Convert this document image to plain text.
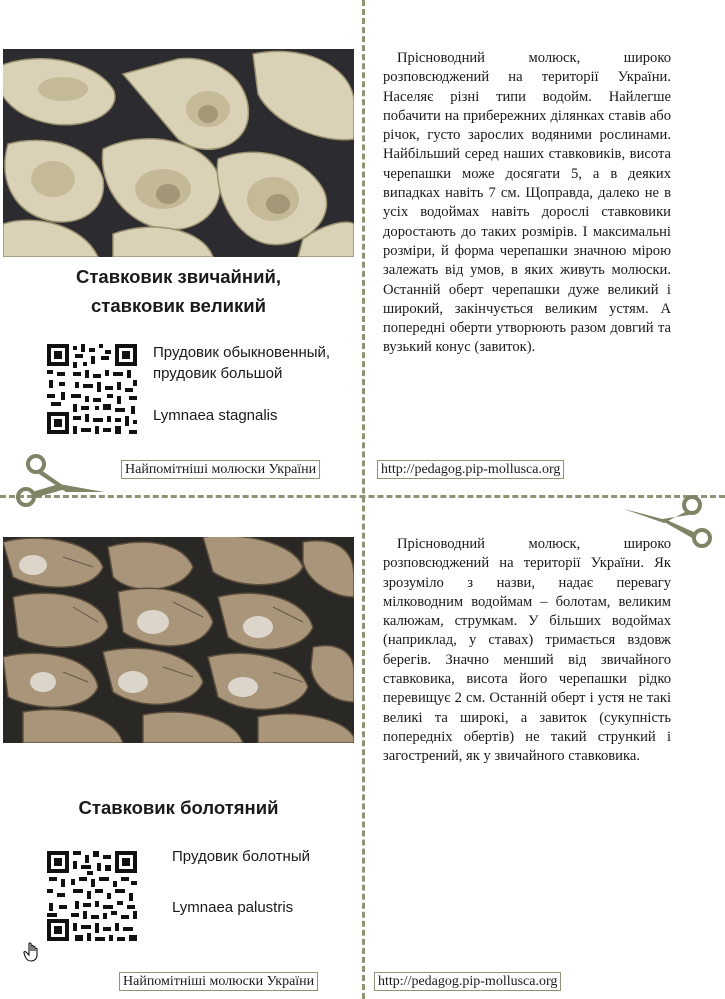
Ставковик звичайний,
ставковик великий
Прудовик обыкновенный,
прудовик большой
Lymnaea stagnalis
Прісноводний молюск, широко розповсюджений на території України. Населяє різні типи водойм. Найлегше побачити на прибережних ділянках ставів або річок, густо зарослих водяними рослинами. Найбільший серед наших ставковиків, висота черепашки може досягати 5, а в деяких випадках навіть 7 см. Щоправда, далеко не в усіх водоймах навіть дорослі ставковики доростають до таких розмірів. І максимальні розміри, й форма черепашки значною мірою залежать від умов, в яких живуть молюски. Останній оберт черепашки дуже великий і широкий, закінчується великим устям. А попередні оберти утворюють разом довгий та вузький конус (завиток).
Найпомітніші молюски України	http://pedagog.pip-mollusca.org
Ставковик болотяний
Прудовик болотный
Lymnaea palustris
Прісноводний молюск, широко розповсюджений на території України. Як зрозуміло з назви, надає перевагу мілководним водоймам – болотам, великим калюжам, струмкам. У більших водоймах (наприклад, у ставах) тримається вздовж берегів. Значно менший від звичайного ставковика, висота його черепашки рідко перевищує 2 см. Останній оберт і устя не такі великі та широкі, а завиток (сукупність попередніх обертів) не такий стрункий і загострений, як у звичайного ставковика.
Найпомітніші молюски України	http://pedagog.pip-mollusca.org
